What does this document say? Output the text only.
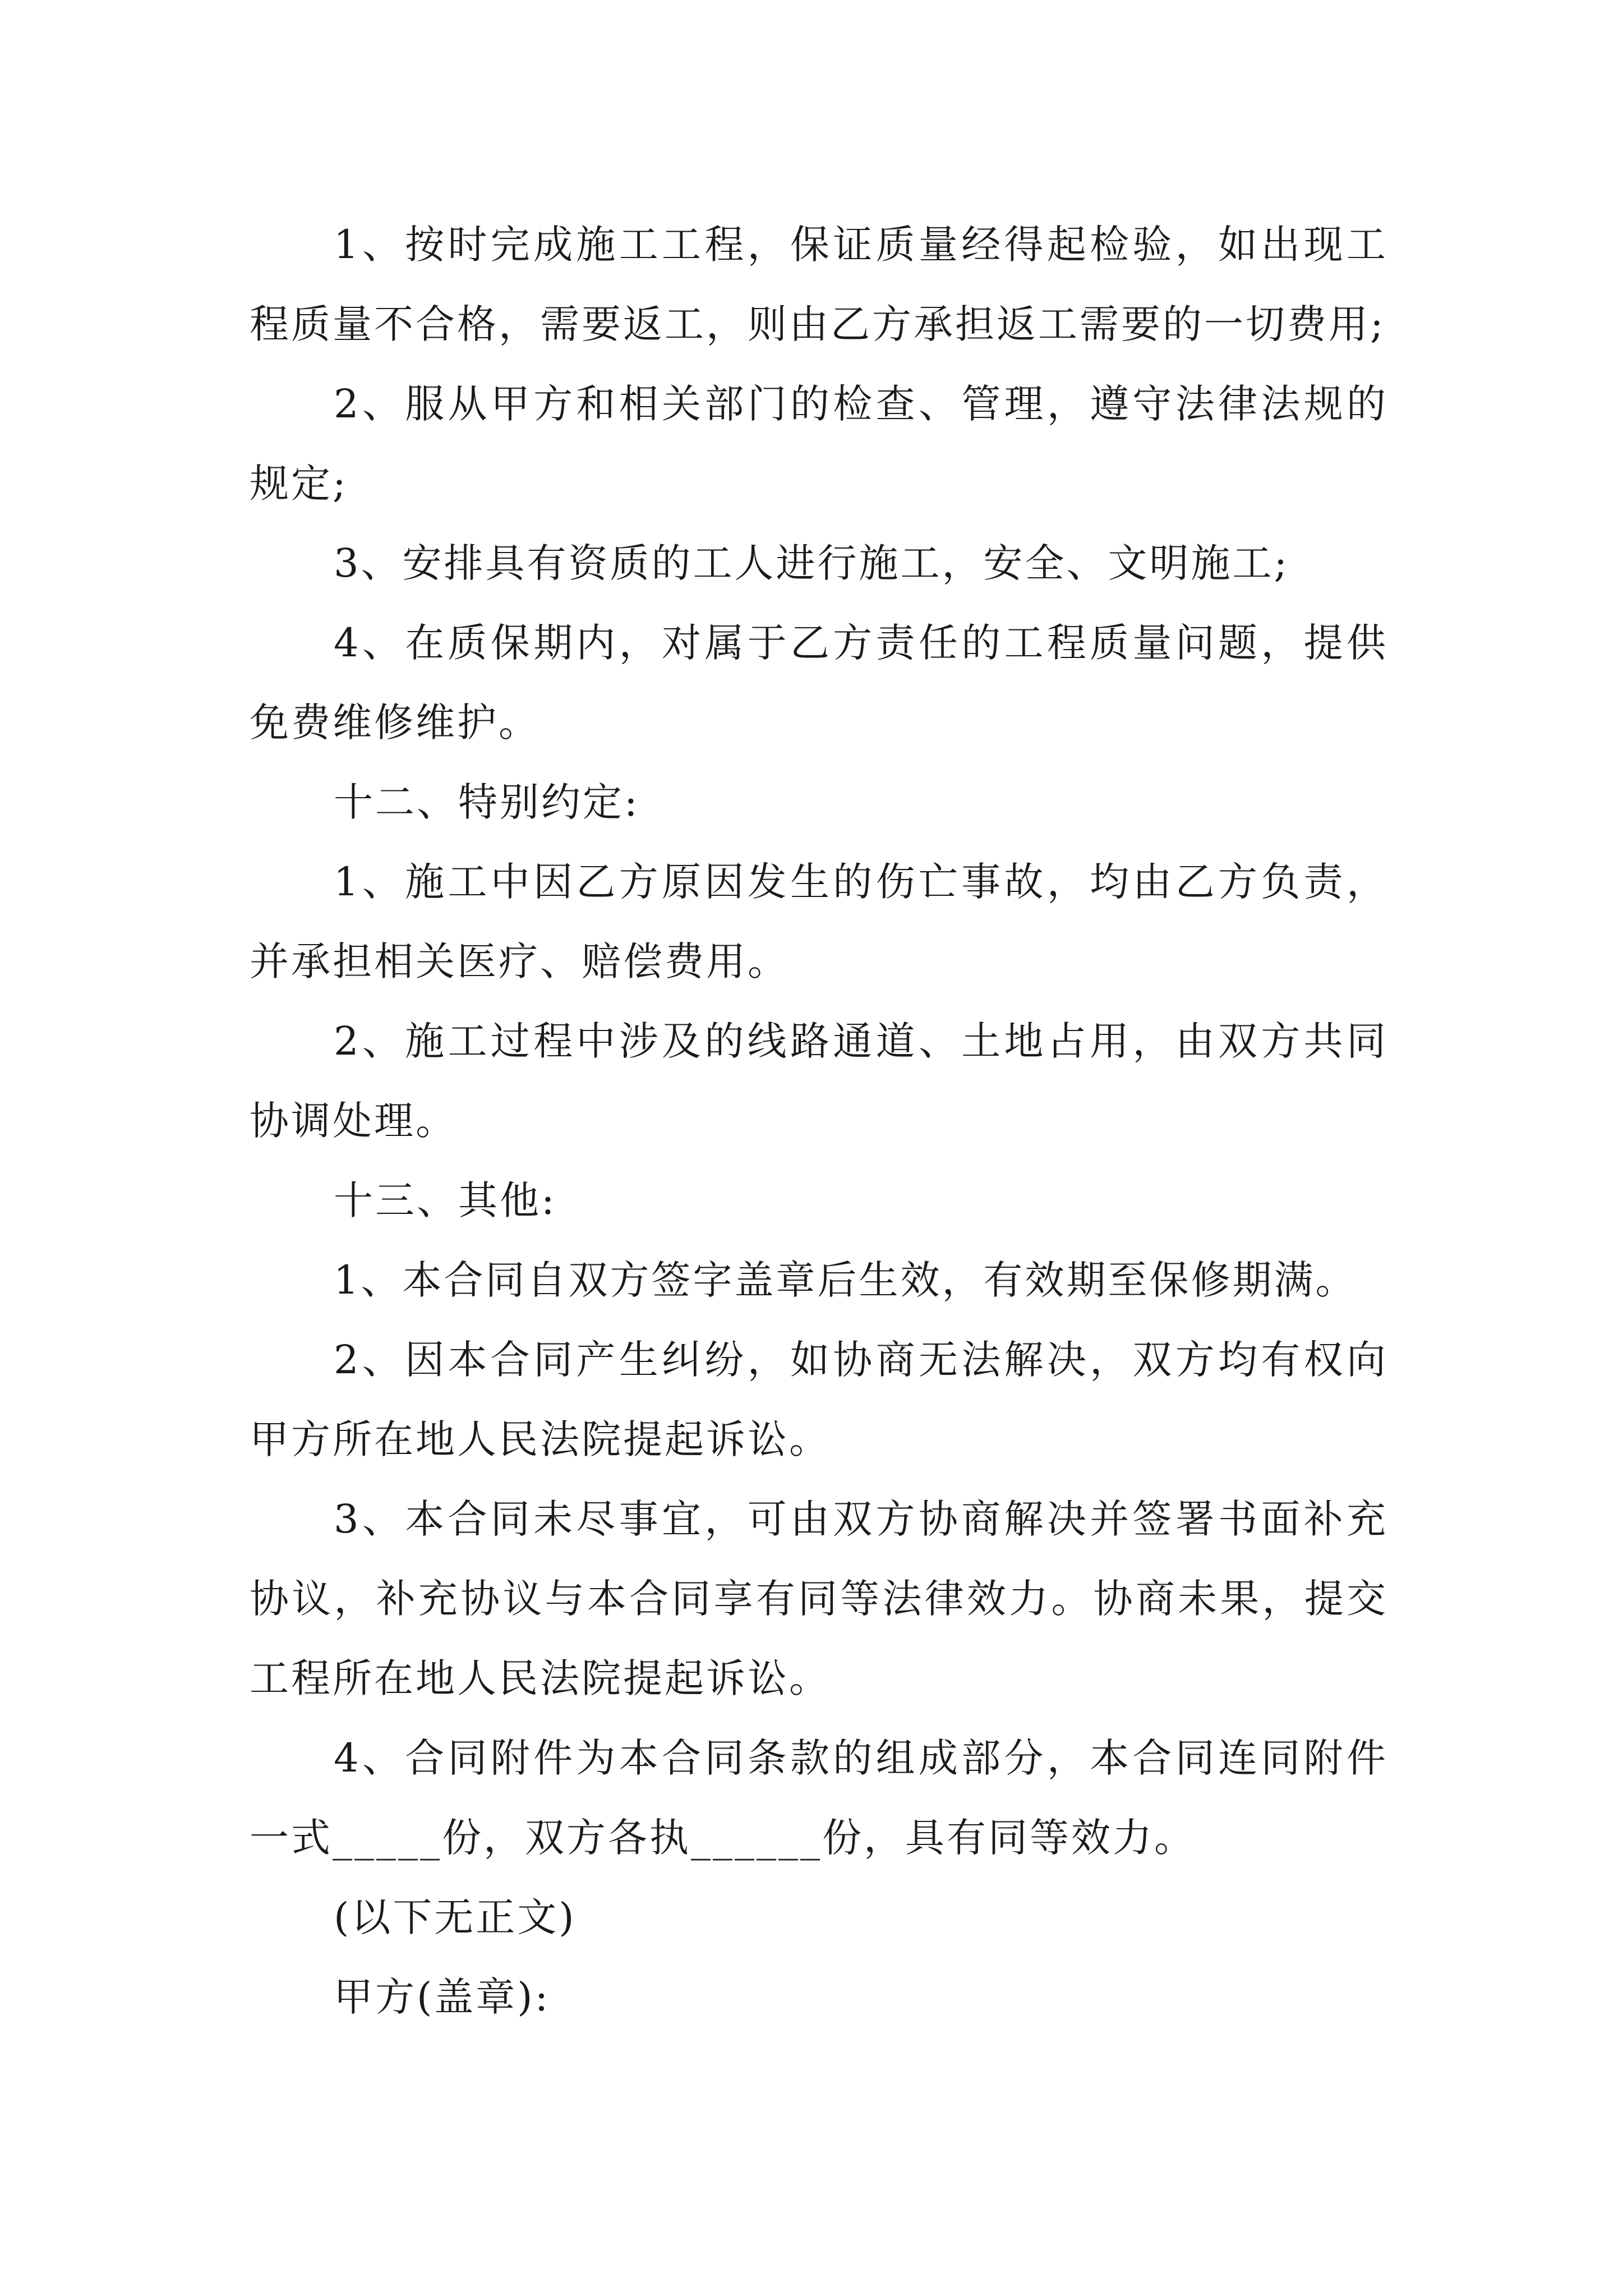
1、按时完成施工工程，保证质量经得起检验，如出现工程质量不合格，需要返工，则由乙方承担返工需要的一切费用;

2、服从甲方和相关部门的检查、管理，遵守法律法规的规定;

3、安排具有资质的工人进行施工，安全、文明施工;

4、在质保期内，对属于乙方责任的工程质量问题，提供免费维修维护。

十二、特别约定:

1、施工中因乙方原因发生的伤亡事故，均由乙方负责，并承担相关医疗、赔偿费用。

2、施工过程中涉及的线路通道、土地占用，由双方共同协调处理。

十三、其他:

1、本合同自双方签字盖章后生效，有效期至保修期满。

2、因本合同产生纠纷，如协商无法解决，双方均有权向甲方所在地人民法院提起诉讼。

3、本合同未尽事宜，可由双方协商解决并签署书面补充协议，补充协议与本合同享有同等法律效力。协商未果，提交工程所在地人民法院提起诉讼。

4、合同附件为本合同条款的组成部分，本合同连同附件一式_____份，双方各执______份，具有同等效力。

(以下无正文)

甲方(盖章):
